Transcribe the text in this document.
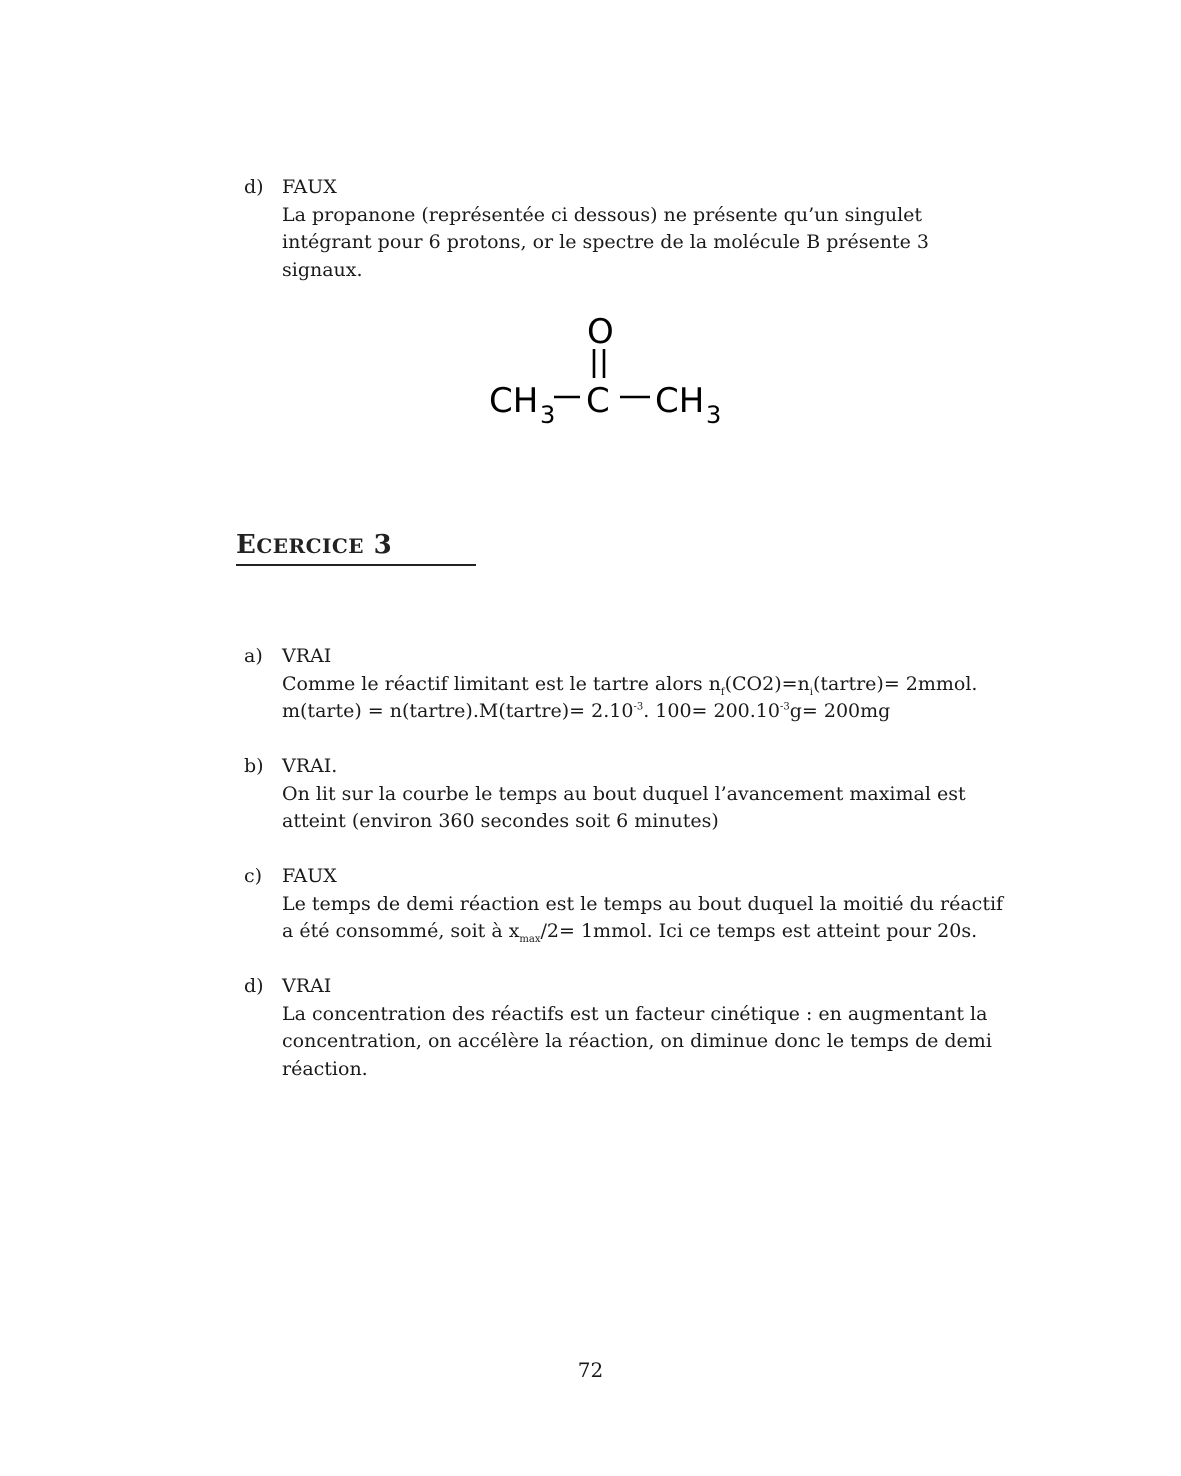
d) FAUX
La propanone (représentée ci dessous) ne présente qu’un singulet
intégrant pour 6 protons, or le spectre de la molécule B présente 3
signaux.
O
CH 3 C CH 3
ECERCICE 3
a) VRAI
Comme le réactif limitant est le tartre alors $n_f(CO2)=n_i(tartre)=$ 2mmol.
m(tarte) = n(tartre).M(tartre)= $2.10^{-3}$. $100= 200.10^{-3}g= 200mg$
b) VRAI.
On lit sur la courbe le temps au bout duquel l’avancement maximal est
atteint (environ 360 secondes soit 6 minutes)
c) FAUX
Le temps de demi réaction est le temps au bout duquel la moitié du réactif
a été consommé, soit à $x_{max}/2=$ 1mmol. Ici ce temps est atteint pour 20s.
d) VRAI
La concentration des réactifs est un facteur cinétique : en augmentant la
concentration, on accélère la réaction, on diminue donc le temps de demi
réaction.
72
